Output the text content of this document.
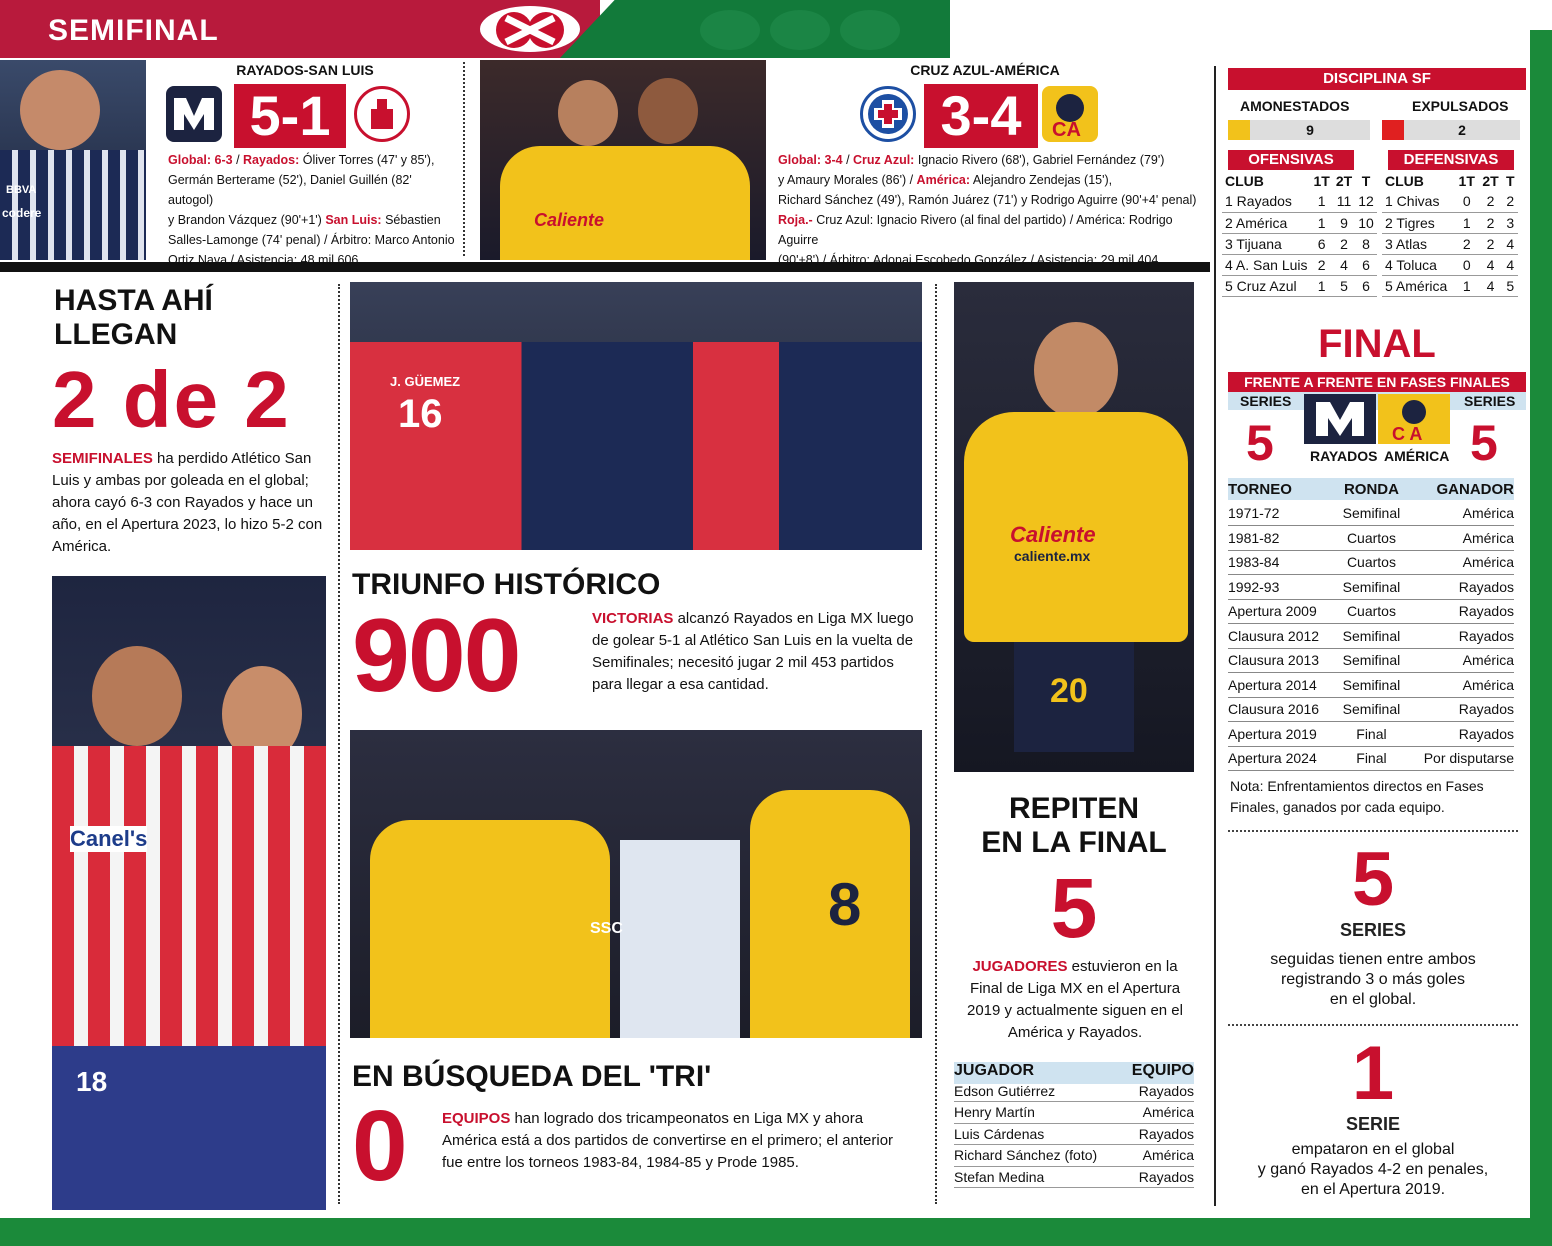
SEMIFINAL
BBVA
codere
RAYADOS-SAN LUIS
5-1
Global: 6-3 / Rayados: Óliver Torres (47' y 85'),
Germán Berterame (52'), Daniel Guillén (82' autogol)
y Brandon Vázquez (90'+1') San Luis: Sébastien
Salles-Lamonge (74' penal) / Árbitro: Marco Antonio
Ortiz Nava / Asistencia: 48 mil 606
Caliente
CRUZ AZUL-AMÉRICA
3-4	CA
Global: 3-4 / Cruz Azul: Ignacio Rivero (68'), Gabriel Fernández (79')
y Amaury Morales (86') / América: Alejandro Zendejas (15'),
Richard Sánchez (49'), Ramón Juárez (71') y Rodrigo Aguirre (90'+4' penal)
Roja.- Cruz Azul: Ignacio Rivero (al final del partido) / América: Rodrigo Aguirre
(90'+8') / Árbitro: Adonai Escobedo González / Asistencia: 29 mil 404
DISCIPLINA SF
AMONESTADOS	EXPULSADOS
9	2
OFENSIVAS	DEFENSIVAS
CLUB	1T	2T	T
1 Rayados	1	11	12
2 América	1	9	10
3 Tijuana	6	2	8
4 A. San Luis	2	4	6
5 Cruz Azul	1	5	6
CLUB	1T	2T	T
1 Chivas	0	2	2
2 Tigres	1	2	3
3 Atlas	2	2	4
4 Toluca	0	4	4
5 América	1	4	5
FINAL
FRENTE A FRENTE EN FASES FINALES
SERIES	SERIES
5	5
C A
RAYADOS AMÉRICA
TORNEO	RONDA	GANADOR
1971-72	Semifinal	América
1981-82	Cuartos	América
1983-84	Cuartos	América
1992-93	Semifinal	Rayados
Apertura 2009	Cuartos	Rayados
Clausura 2012	Semifinal	Rayados
Clausura 2013	Semifinal	América
Apertura 2014	Semifinal	América
Clausura 2016	Semifinal	Rayados
Apertura 2019	Final	Rayados
Apertura 2024	Final	Por disputarse
Nota: Enfrentamientos directos en Fases
Finales, ganados por cada equipo.
5
SERIES
seguidas tienen entre ambos
registrando 3 o más goles
en el global.
1
SERIE
empataron en el global
y ganó Rayados 4-2 en penales,
en el Apertura 2019.
HASTA AHÍ
LLEGAN
2 de 2
SEMIFINALES ha perdido Atlético San Luis y ambas por goleada en el global; ahora cayó 6-3 con Rayados y hace un año, en el Apertura 2023, lo hizo 5-2 con América.
Canel's
18
16
J. GÜEMEZ
TRIUNFO HISTÓRICO
900	VICTORIAS alcanzó Rayados en Liga MX luego de golear 5-1 al Atlético San Luis en la vuelta de Semifinales; necesitó jugar 2 mil 453 partidos para llegar a esa cantidad.
SSC	8
EN BÚSQUEDA DEL 'TRI'
0 EQUIPOS han logrado dos tricampeonatos en Liga MX y ahora América está a dos partidos de convertirse en el primero; el anterior fue entre los torneos 1983-84, 1984-85 y Prode 1985.
Caliente
caliente.mx
20
REPITEN
EN LA FINAL
5
JUGADORES estuvieron en la Final de Liga MX en el Apertura 2019 y actualmente siguen en el América y Rayados.
JUGADOR	EQUIPO
Edson Gutiérrez	Rayados
Henry Martín	América
Luis Cárdenas	Rayados
Richard Sánchez (foto)	América
Stefan Medina	Rayados
